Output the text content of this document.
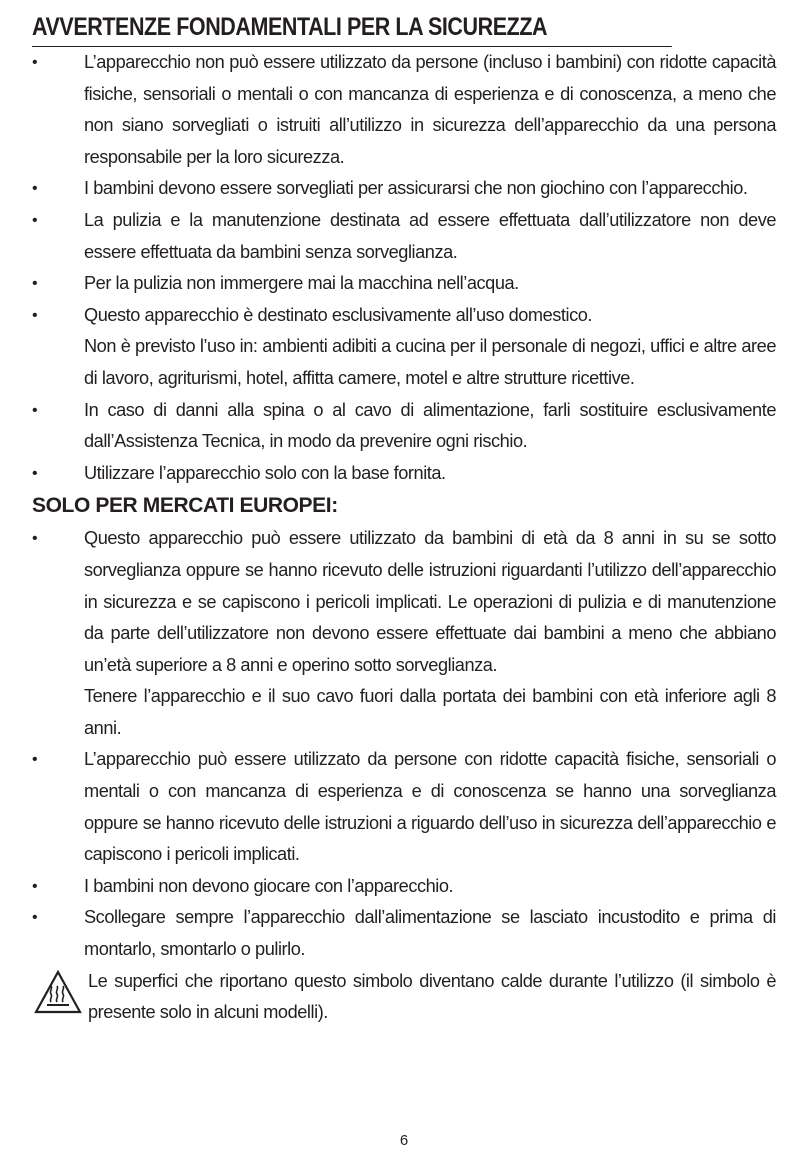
AVVERTENZE FONDAMENTALI PER LA SICUREZZA
•	L’apparecchio non può essere utilizzato da persone (incluso i bambini) con ridotte capacità fisiche, sensoriali o mentali o con mancanza di esperienza e di conoscenza, a meno che non siano sorvegliati o istruiti all’utilizzo in sicurezza dell’apparecchio da una persona responsabile per la loro sicurezza.

•	I bambini devono essere sorvegliati per assicurarsi che non giochino con l’apparecchio.

•	La pulizia e la manutenzione destinata ad essere effettuata dall’utilizzatore non deve essere effettuata da bambini senza sorveglianza.

•	Per la pulizia non immergere mai la macchina nell’acqua.

•	Questo apparecchio è destinato esclusivamente all’uso domestico.

Non è previsto l’uso in: ambienti adibiti a cucina per il personale di negozi, uffici e altre aree di lavoro, agriturismi, hotel, affitta camere, motel e altre strutture ricettive.

•	In caso di danni alla spina o al cavo di alimentazione, farli sostituire esclusivamente dall’Assistenza Tecnica, in modo da prevenire ogni rischio.

•	Utilizzare l’apparecchio solo con la base fornita.

SOLO PER MERCATI EUROPEI:
•	Questo apparecchio può essere utilizzato da bambini di età da 8 anni in su se sotto sorveglianza oppure se hanno ricevuto delle istruzioni riguardanti l’utilizzo dell’apparecchio in sicurezza e se capiscono i pericoli implicati. Le operazioni di pulizia e di manutenzione da parte dell’utilizzatore non devono essere effettuate dai bambini a meno che abbiano un’età superiore a 8 anni e operino sotto sorveglianza.

Tenere l’apparecchio e il suo cavo fuori dalla portata dei bambini con età inferiore agli 8 anni.

•	L’apparecchio può essere utilizzato da persone con ridotte capacità fisiche, sensoriali o mentali o con mancanza di esperienza e di conoscenza se hanno una sorveglianza oppure se hanno ricevuto delle istruzioni a riguardo dell’uso in sicurezza dell’apparecchio e capiscono i pericoli implicati.

•	I bambini non devono giocare con l’apparecchio.

•	Scollegare sempre l’apparecchio dall’alimentazione se lasciato incustodito e prima di montarlo, smontarlo o pulirlo.

Le superfici che riportano questo simbolo diventano calde durante l’utilizzo (il simbolo è presente solo in alcuni modelli).
6
